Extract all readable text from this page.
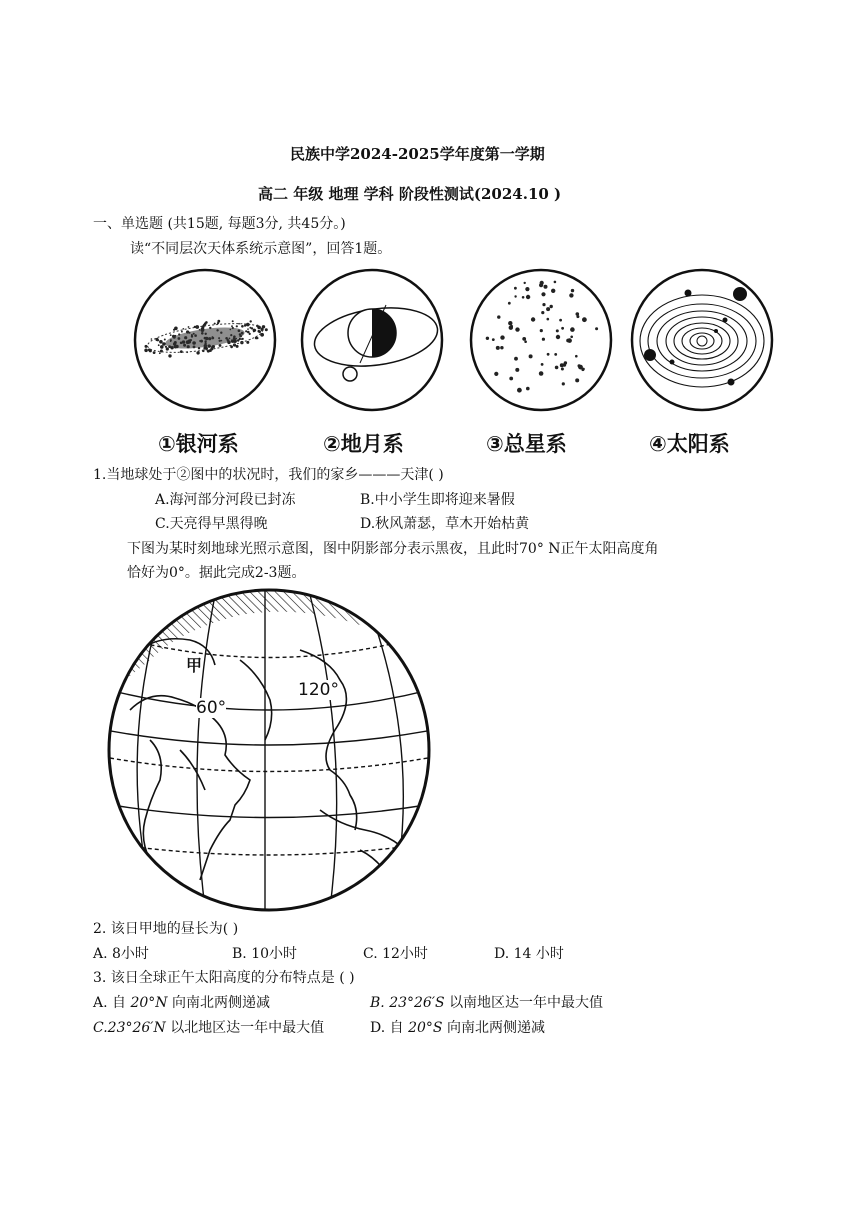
民族中学2024-2025学年度第一学期
高二 年级 地理 学科 阶段性测试(2024.10 )
一、单选题 (共15题, 每题3分, 共45分。)
读“不同层次天体系统示意图”，回答1题。
①银河系	②地月系	③总星系	④太阳系
1.当地球处于②图中的状况时，我们的家乡———天津( )
A.海河部分河段已封冻	B.中小学生即将迎来暑假
C.天亮得早黑得晚	D.秋风萧瑟，草木开始枯黄
下图为某时刻地球光照示意图，图中阴影部分表示黑夜，且此时70° N正午太阳高度角
恰好为0°。据此完成2-3题。
甲
60°
120°
2. 该日甲地的昼长为( )
A. 8小时	B. 10小时	C. 12小时	D. 14 小时
3. 该日全球正午太阳高度的分布特点是 ( )
A. 自 20°N 向南北两侧递减	B. 23°26′S 以南地区达一年中最大值
C.23°26′N 以北地区达一年中最大值	D. 自 20°S 向南北两侧递减
